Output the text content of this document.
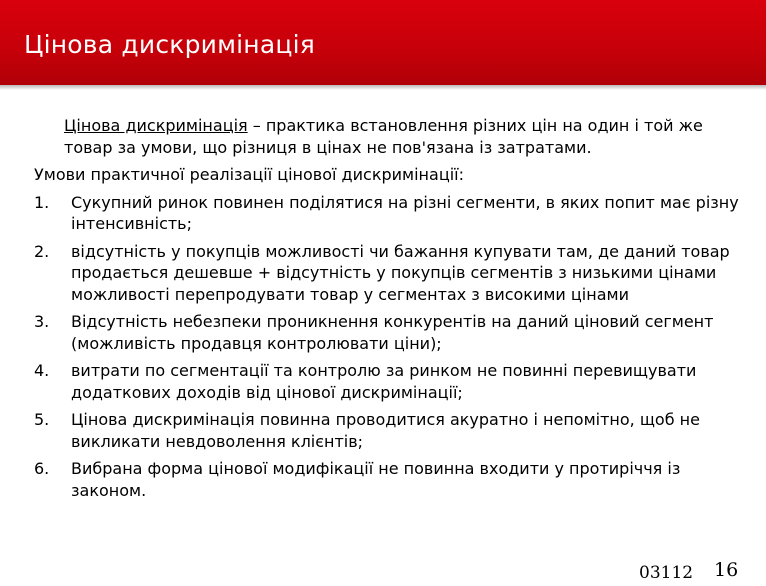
Цінова дискримінація

Цінова дискримінація – практика встановлення різних цін на один і той же товар за умови, що різниця в цінах не пов'язана із затратами.

Умови практичної реалізації цінової дискримінації:

1. Сукупний ринок повинен поділятися на різні сегменти, в яких попит має різну інтенсивність;
2. відсутність у покупців можливості чи бажання купувати там, де даний товар продається дешевше + відсутність у покупців сегментів з низькими цінами можливості перепродувати товар у сегментах з високими цінами
3. Відсутність небезпеки проникнення конкурентів на даний ціновий сегмент (можливість продавця контролювати ціни);
4. витрати по сегментації та контролю за ринком не повинні перевищувати додаткових доходів від цінової дискримінації;
5. Цінова дискримінація повинна проводитися акуратно і непомітно, щоб не викликати невдоволення клієнтів;
6. Вибрана форма цінової модифікації не повинна входити у протиріччя із законом.
03112 16
